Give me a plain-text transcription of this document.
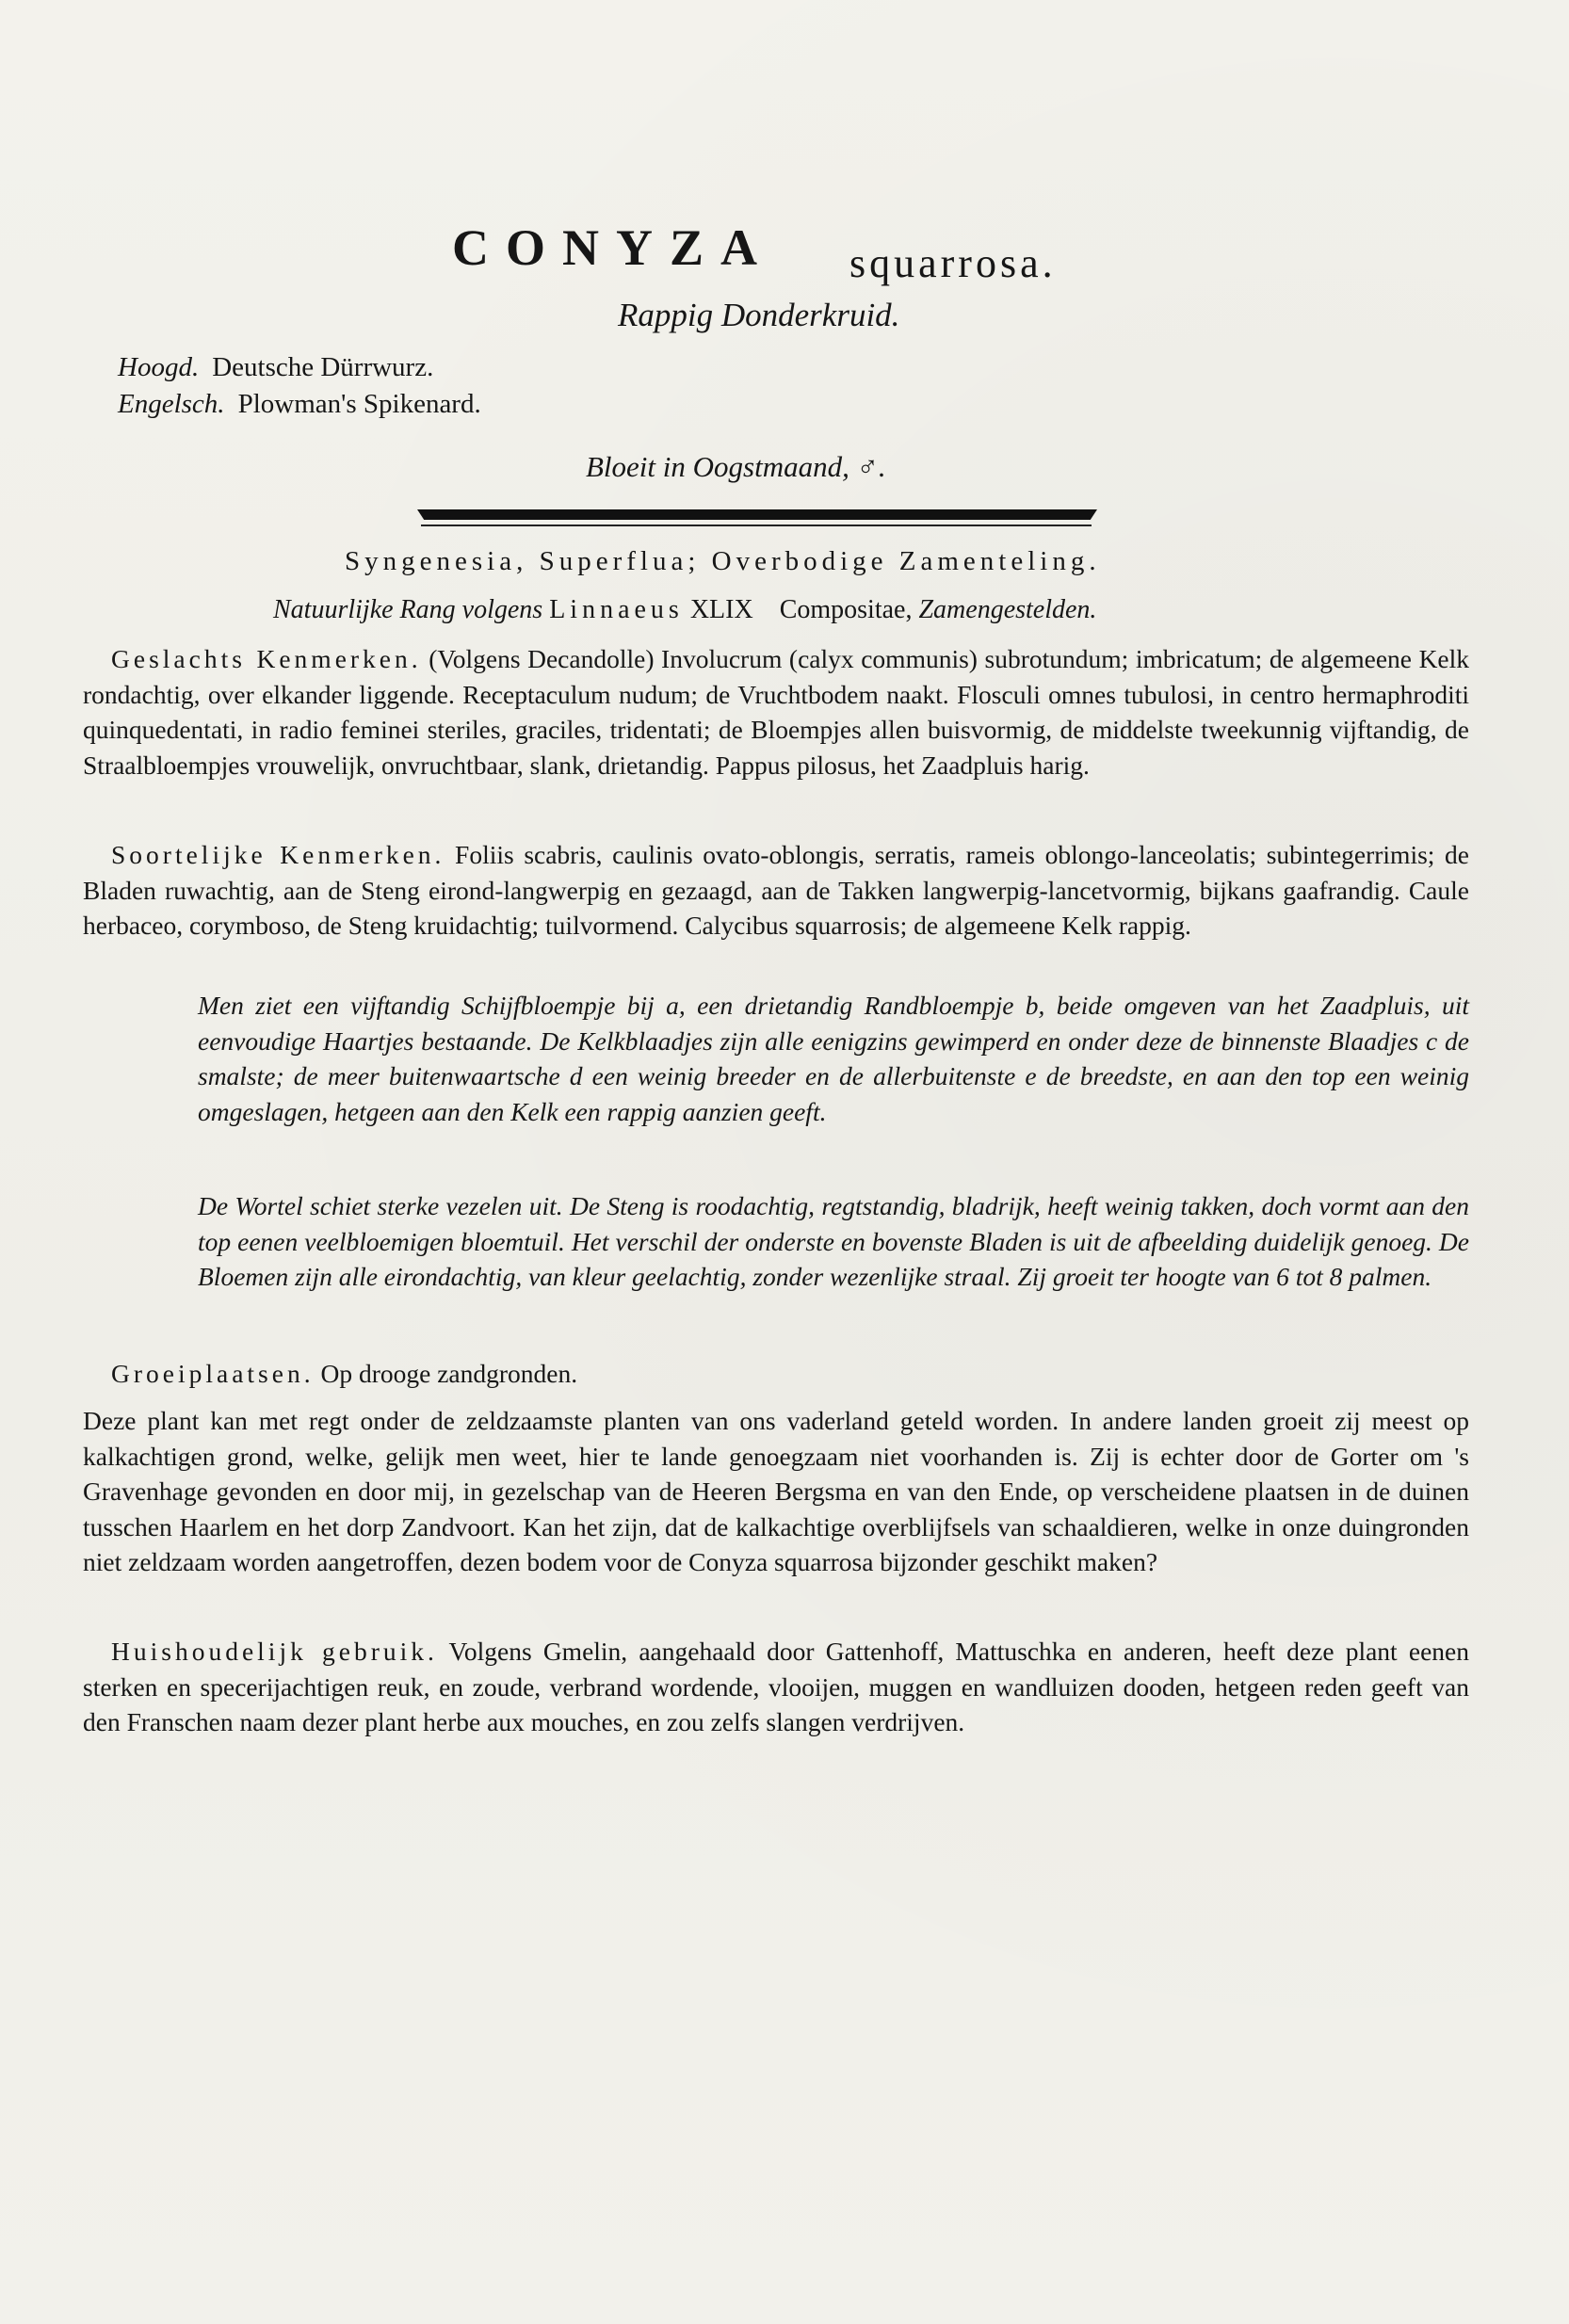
CONYZA squarrosa.
Rappig Donderkruid.
Hoogd. Deutsche Dürrwurz.
Engelsch. Plowman's Spikenard.
Bloeit in Oogstmaand, ♂.
Syngenesia, Superflua; Overbodige Zamenteling.
Natuurlijke Rang volgens Linnaeus XLIX Compositae, Zamengestelden.

Geslachts Kenmerken. (Volgens Decandolle) Involucrum (calyx communis) subrotundum; imbricatum; de algemeene Kelk rondachtig, over elkander liggende. Receptaculum nudum; de Vruchtbodem naakt. Flosculi omnes tubulosi, in centro hermaphroditi quinquedentati, in radio feminei steriles, graciles, tridentati; de Bloempjes allen buisvormig, de middelste tweekunnig vijftandig, de Straalbloempjes vrouwelijk, onvruchtbaar, slank, drietandig. Pappus pilosus, het Zaadpluis harig.

Soortelijke Kenmerken. Foliis scabris, caulinis ovato-oblongis, serratis, rameis oblongo-lanceolatis; subintegerrimis; de Bladen ruwachtig, aan de Steng eirond-langwerpig en gezaagd, aan de Takken langwerpig-lancetvormig, bijkans gaafrandig. Caule herbaceo, corymboso, de Steng kruidachtig; tuilvormend. Calycibus squarrosis; de algemeene Kelk rappig.

Men ziet een vijftandig Schijfbloempje bij a, een drietandig Randbloempje b, beide omgeven van het Zaadpluis, uit eenvoudige Haartjes bestaande. De Kelkblaadjes zijn alle eenigzins gewimperd en onder deze de binnenste Blaadjes c de smalste; de meer buitenwaartsche d een weinig breeder en de allerbuitenste e de breedste, en aan den top een weinig omgeslagen, hetgeen aan den Kelk een rappig aanzien geeft.

De Wortel schiet sterke vezelen uit. De Steng is roodachtig, regtstandig, bladrijk, heeft weinig takken, doch vormt aan den top eenen veelbloemigen bloemtuil. Het verschil der onderste en bovenste Bladen is uit de afbeelding duidelijk genoeg. De Bloemen zijn alle eirondachtig, van kleur geelachtig, zonder wezenlijke straal. Zij groeit ter hoogte van 6 tot 8 palmen.

Groeiplaatsen. Op drooge zandgronden.

Deze plant kan met regt onder de zeldzaamste planten van ons vaderland geteld worden. In andere landen groeit zij meest op kalkachtigen grond, welke, gelijk men weet, hier te lande genoegzaam niet voorhanden is. Zij is echter door de Gorter om 's Gravenhage gevonden en door mij, in gezelschap van de Heeren Bergsma en van den Ende, op verscheidene plaatsen in de duinen tusschen Haarlem en het dorp Zandvoort. Kan het zijn, dat de kalkachtige overblijfsels van schaaldieren, welke in onze duingronden niet zeldzaam worden aangetroffen, dezen bodem voor de Conyza squarrosa bijzonder geschikt maken?

Huishoudelijk gebruik. Volgens Gmelin, aangehaald door Gattenhoff, Mattuschka en anderen, heeft deze plant eenen sterken en specerijachtigen reuk, en zoude, verbrand wordende, vlooijen, muggen en wandluizen dooden, hetgeen reden geeft van den Franschen naam dezer plant herbe aux mouches, en zou zelfs slangen verdrijven.
